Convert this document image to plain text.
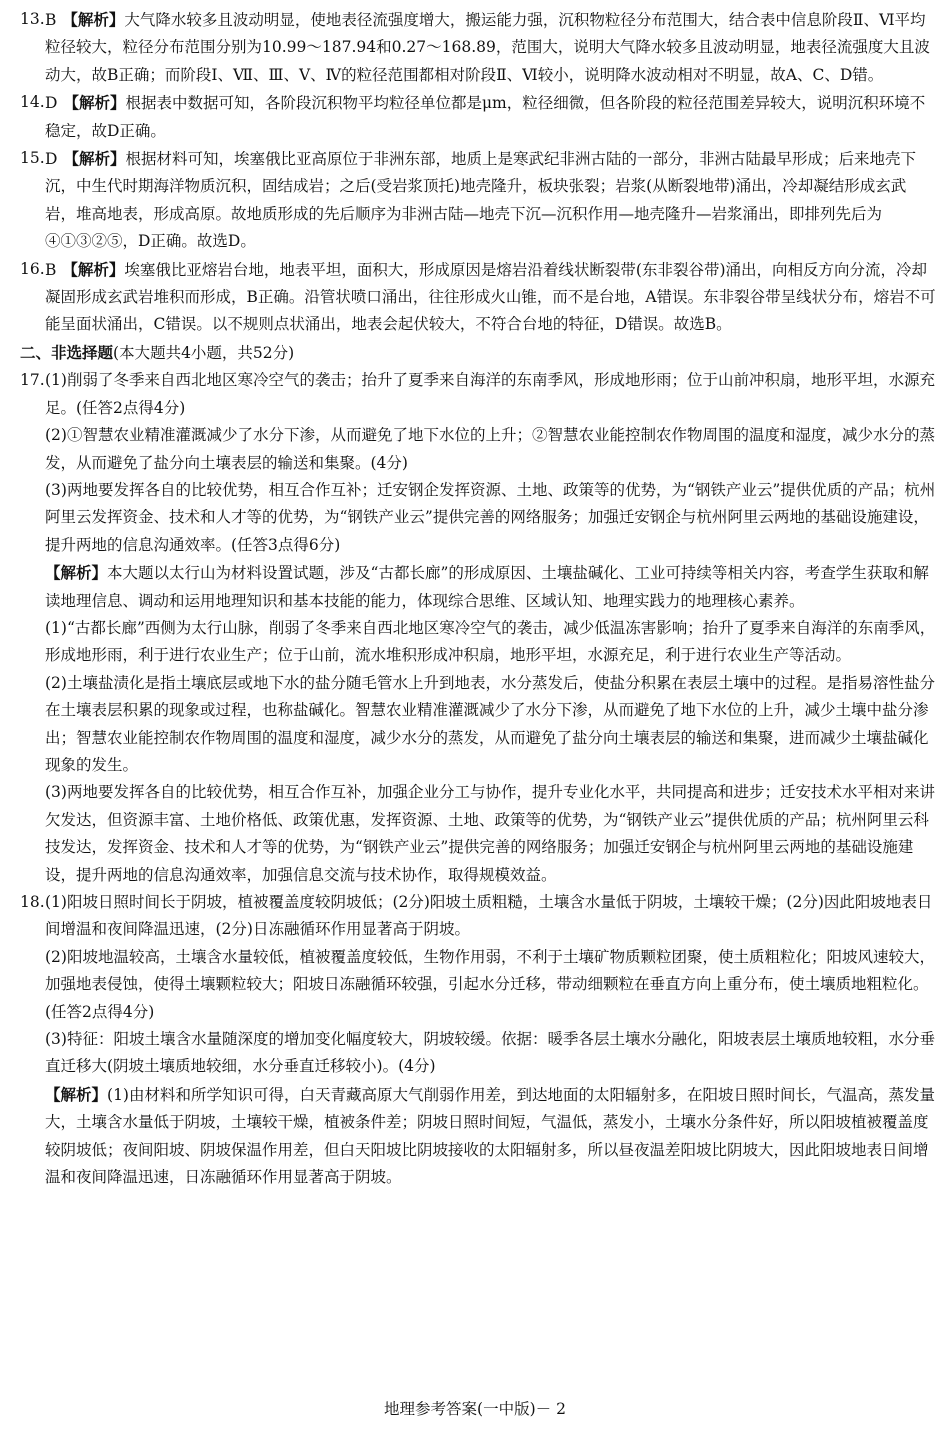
13. B 【解析】大气降水较多且波动明显，使地表径流强度增大，搬运能力强，沉积物粒径分布范围大，结合表中信息阶段Ⅱ、Ⅵ平均粒径较大，粒径分布范围分别为10.99～187.94和0.27～168.89，范围大，说明大气降水较多且波动明显，地表径流强度大且波动大，故B正确；而阶段Ⅰ、Ⅶ、Ⅲ、Ⅴ、Ⅳ的粒径范围都相对阶段Ⅱ、Ⅵ较小，说明降水波动相对不明显，故A、C、D错。
14. D 【解析】根据表中数据可知，各阶段沉积物平均粒径单位都是μm，粒径细微，但各阶段的粒径范围差异较大，说明沉积环境不稳定，故D正确。
15. D 【解析】根据材料可知，埃塞俄比亚高原位于非洲东部，地质上是寒武纪非洲古陆的一部分，非洲古陆最早形成；后来地壳下沉，中生代时期海洋物质沉积，固结成岩；之后(受岩浆顶托)地壳隆升，板块张裂；岩浆(从断裂地带)涌出，冷却凝结形成玄武岩，堆高地表，形成高原。故地质形成的先后顺序为非洲古陆—地壳下沉—沉积作用—地壳隆升—岩浆涌出，即排列先后为④①③②⑤，D正确。故选D。
16. B 【解析】埃塞俄比亚熔岩台地，地表平坦，面积大，形成原因是熔岩沿着线状断裂带(东非裂谷带)涌出，向相反方向分流，冷却凝固形成玄武岩堆积而形成，B正确。沿管状喷口涌出，往往形成火山锥，而不是台地，A错误。东非裂谷带呈线状分布，熔岩不可能呈面状涌出，C错误。以不规则点状涌出，地表会起伏较大，不符合台地的特征，D错误。故选B。
二、非选择题(本大题共4小题，共52分)
17. (1)削弱了冬季来自西北地区寒冷空气的袭击；抬升了夏季来自海洋的东南季风，形成地形雨；位于山前冲积扇，地形平坦，水源充足。(任答2点得4分)

(2)①智慧农业精准灌溉减少了水分下渗，从而避免了地下水位的上升；②智慧农业能控制农作物周围的温度和湿度，减少水分的蒸发，从而避免了盐分向土壤表层的输送和集聚。(4分)

(3)两地要发挥各自的比较优势，相互合作互补；迁安钢企发挥资源、土地、政策等的优势，为“钢铁产业云”提供优质的产品；杭州阿里云发挥资金、技术和人才等的优势，为“钢铁产业云”提供完善的网络服务；加强迁安钢企与杭州阿里云两地的基础设施建设，提升两地的信息沟通效率。(任答3点得6分)

【解析】本大题以太行山为材料设置试题，涉及“古都长廊”的形成原因、土壤盐碱化、工业可持续等相关内容，考查学生获取和解读地理信息、调动和运用地理知识和基本技能的能力，体现综合思维、区域认知、地理实践力的地理核心素养。

(1)“古都长廊”西侧为太行山脉，削弱了冬季来自西北地区寒冷空气的袭击，减少低温冻害影响；抬升了夏季来自海洋的东南季风，形成地形雨，利于进行农业生产；位于山前，流水堆积形成冲积扇，地形平坦，水源充足，利于进行农业生产等活动。

(2)土壤盐渍化是指土壤底层或地下水的盐分随毛管水上升到地表，水分蒸发后，使盐分积累在表层土壤中的过程。是指易溶性盐分在土壤表层积累的现象或过程，也称盐碱化。智慧农业精准灌溉减少了水分下渗，从而避免了地下水位的上升，减少土壤中盐分渗出；智慧农业能控制农作物周围的温度和湿度，减少水分的蒸发，从而避免了盐分向土壤表层的输送和集聚，进而减少土壤盐碱化现象的发生。

(3)两地要发挥各自的比较优势，相互合作互补，加强企业分工与协作，提升专业化水平，共同提高和进步；迁安技术水平相对来讲欠发达，但资源丰富、土地价格低、政策优惠，发挥资源、土地、政策等的优势，为“钢铁产业云”提供优质的产品；杭州阿里云科技发达，发挥资金、技术和人才等的优势，为“钢铁产业云”提供完善的网络服务；加强迁安钢企与杭州阿里云两地的基础设施建设，提升两地的信息沟通效率，加强信息交流与技术协作，取得规模效益。

18. (1)阳坡日照时间长于阴坡，植被覆盖度较阴坡低；(2分)阳坡土质粗糙，土壤含水量低于阴坡，土壤较干燥；(2分)因此阳坡地表日间增温和夜间降温迅速，(2分)日冻融循环作用显著高于阴坡。

(2)阳坡地温较高，土壤含水量较低，植被覆盖度较低，生物作用弱，不利于土壤矿物质颗粒团聚，使土质粗粒化；阳坡风速较大，加强地表侵蚀，使得土壤颗粒较大；阳坡日冻融循环较强，引起水分迁移，带动细颗粒在垂直方向上重分布，使土壤质地粗粒化。(任答2点得4分)

(3)特征：阳坡土壤含水量随深度的增加变化幅度较大，阴坡较缓。依据：暖季各层土壤水分融化，阳坡表层土壤质地较粗，水分垂直迁移大(阴坡土壤质地较细，水分垂直迁移较小)。(4分)

【解析】(1)由材料和所学知识可得，白天青藏高原大气削弱作用差，到达地面的太阳辐射多，在阳坡日照时间长，气温高，蒸发量大，土壤含水量低于阴坡，土壤较干燥，植被条件差；阴坡日照时间短，气温低，蒸发小，土壤水分条件好，所以阳坡植被覆盖度较阴坡低；夜间阳坡、阴坡保温作用差，但白天阳坡比阴坡接收的太阳辐射多，所以昼夜温差阳坡比阴坡大，因此阳坡地表日间增温和夜间降温迅速，日冻融循环作用显著高于阴坡。

地理参考答案(一中版)－ 2
